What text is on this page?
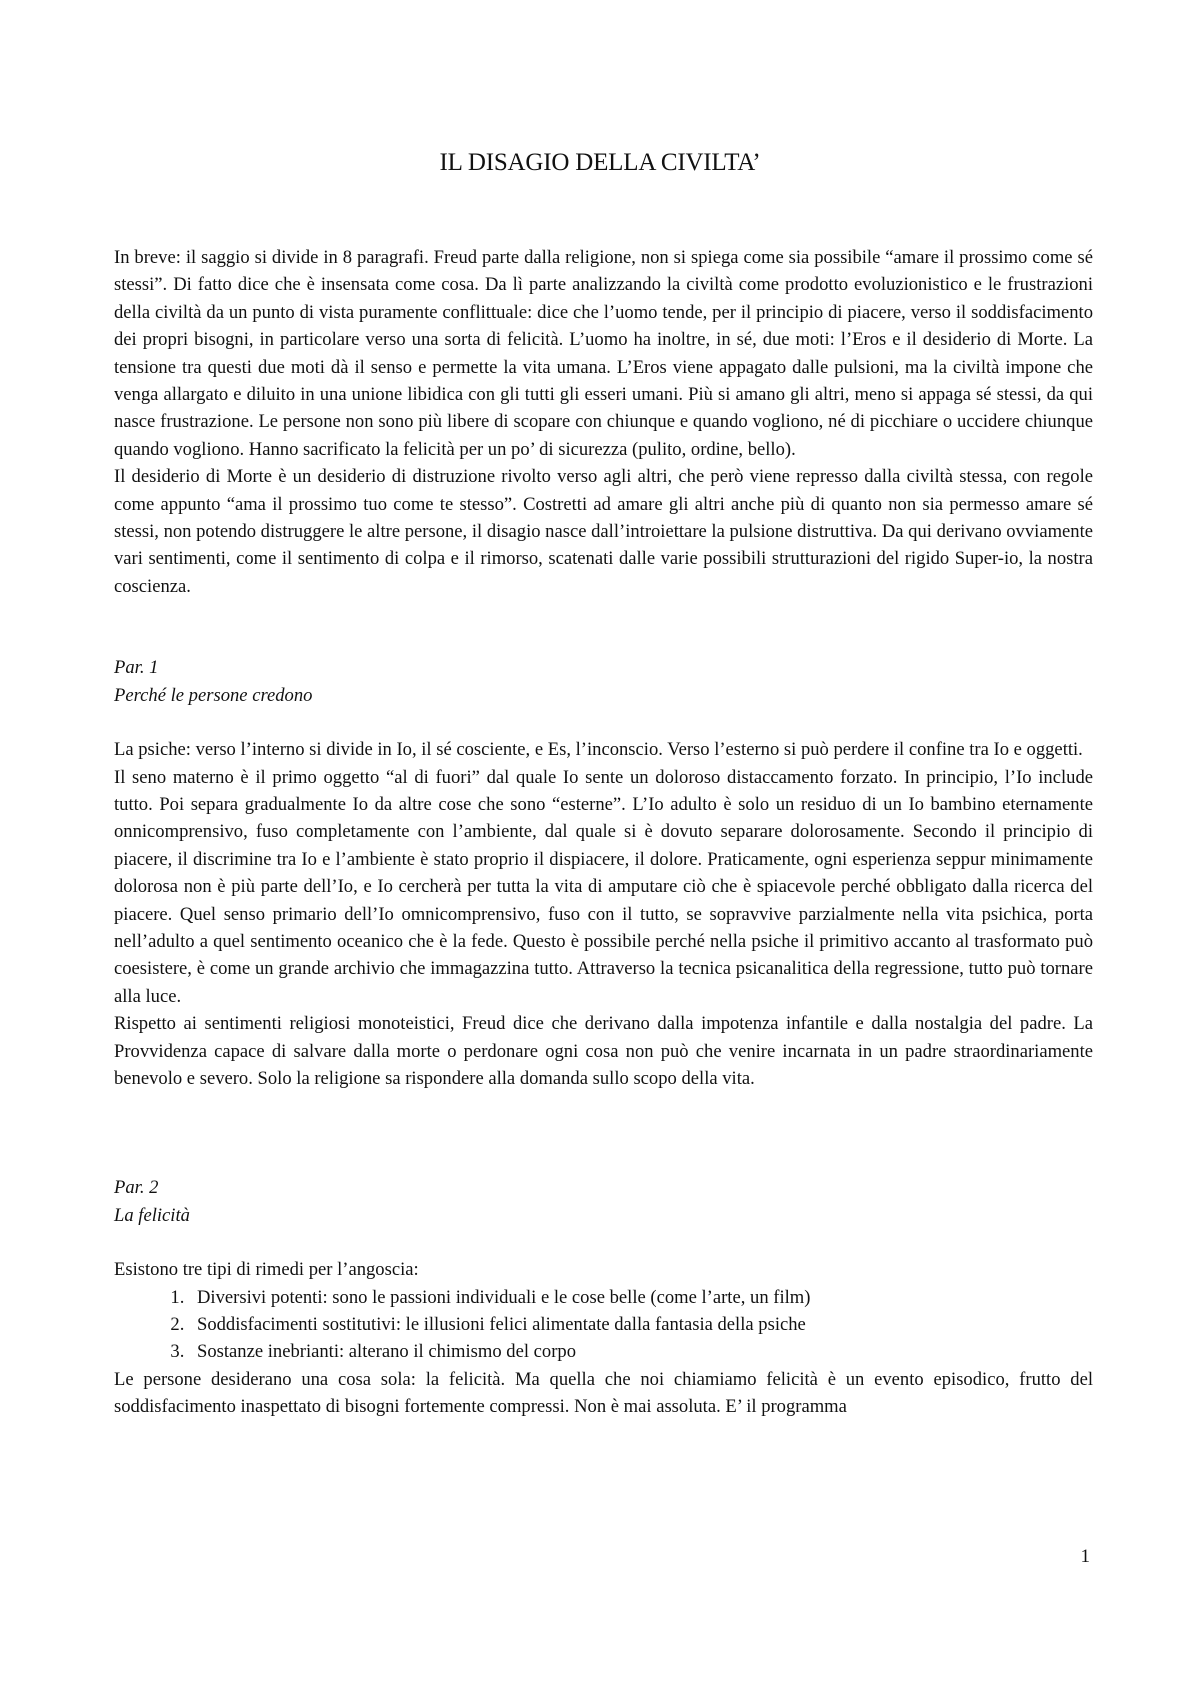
IL DISAGIO DELLA CIVILTA’

In breve: il saggio si divide in 8 paragrafi. Freud parte dalla religione, non si spiega come sia possibile “amare il prossimo come sé stessi”. Di fatto dice che è insensata come cosa. Da lì parte analizzando la civiltà come prodotto evoluzionistico e le frustrazioni della civiltà da un punto di vista puramente conflittuale: dice che l’uomo tende, per il principio di piacere, verso il soddisfacimento dei propri bisogni, in particolare verso una sorta di felicità. L’uomo ha inoltre, in sé, due moti: l’Eros e il desiderio di Morte. La tensione tra questi due moti dà il senso e permette la vita umana. L’Eros viene appagato dalle pulsioni, ma la civiltà impone che venga allargato e diluito in una unione libidica con gli tutti gli esseri umani. Più si amano gli altri, meno si appaga sé stessi, da qui nasce frustrazione. Le persone non sono più libere di scopare con chiunque e quando vogliono, né di picchiare o uccidere chiunque quando vogliono. Hanno sacrificato la felicità per un po’ di sicurezza (pulito, ordine, bello).

Il desiderio di Morte è un desiderio di distruzione rivolto verso agli altri, che però viene represso dalla civiltà stessa, con regole come appunto “ama il prossimo tuo come te stesso”. Costretti ad amare gli altri anche più di quanto non sia permesso amare sé stessi, non potendo distruggere le altre persone, il disagio nasce dall’introiettare la pulsione distruttiva. Da qui derivano ovviamente vari sentimenti, come il sentimento di colpa e il rimorso, scatenati dalle varie possibili strutturazioni del rigido Super-io, la nostra coscienza.

Par. 1

Perché le persone credono

La psiche: verso l’interno si divide in Io, il sé cosciente, e Es, l’inconscio. Verso l’esterno si può perdere il confine tra Io e oggetti.

Il seno materno è il primo oggetto “al di fuori” dal quale Io sente un doloroso distaccamento forzato. In principio, l’Io include tutto. Poi separa gradualmente Io da altre cose che sono “esterne”. L’Io adulto è solo un residuo di un Io bambino eternamente onnicomprensivo, fuso completamente con l’ambiente, dal quale si è dovuto separare dolorosamente. Secondo il principio di piacere, il discrimine tra Io e l’ambiente è stato proprio il dispiacere, il dolore. Praticamente, ogni esperienza seppur minimamente dolorosa non è più parte dell’Io, e Io cercherà per tutta la vita di amputare ciò che è spiacevole perché obbligato dalla ricerca del piacere. Quel senso primario dell’Io omnicomprensivo, fuso con il tutto, se sopravvive parzialmente nella vita psichica, porta nell’adulto a quel sentimento oceanico che è la fede. Questo è possibile perché nella psiche il primitivo accanto al trasformato può coesistere, è come un grande archivio che immagazzina tutto. Attraverso la tecnica psicanalitica della regressione, tutto può tornare alla luce.

Rispetto ai sentimenti religiosi monoteistici, Freud dice che derivano dalla impotenza infantile e dalla nostalgia del padre. La Provvidenza capace di salvare dalla morte o perdonare ogni cosa non può che venire incarnata in un padre straordinariamente benevolo e severo. Solo la religione sa rispondere alla domanda sullo scopo della vita.

Par. 2

La felicità

Esistono tre tipi di rimedi per l’angoscia:

1. Diversivi potenti: sono le passioni individuali e le cose belle (come l’arte, un film)
2. Soddisfacimenti sostitutivi: le illusioni felici alimentate dalla fantasia della psiche
3. Sostanze inebrianti: alterano il chimismo del corpo

Le persone desiderano una cosa sola: la felicità. Ma quella che noi chiamiamo felicità è un evento episodico, frutto del soddisfacimento inaspettato di bisogni fortemente compressi. Non è mai assoluta. E’ il programma

1
